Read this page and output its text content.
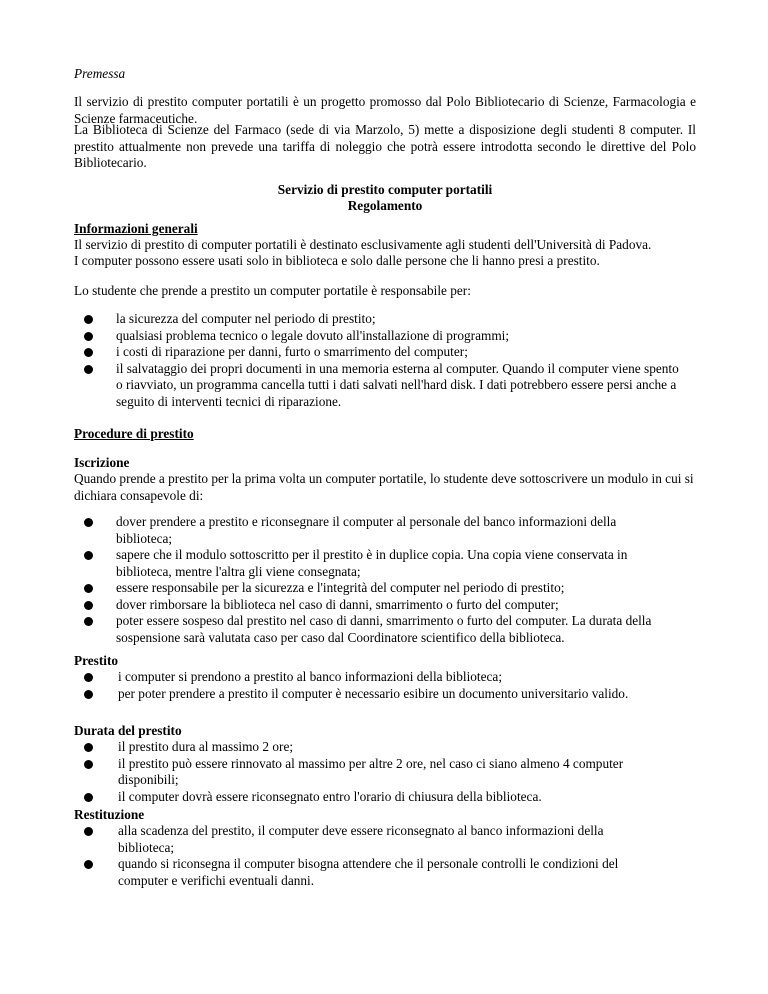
Premessa

Il servizio di prestito computer portatili è un progetto promosso dal Polo Bibliotecario di Scienze, Farmacologia e Scienze farmaceutiche.

La Biblioteca di Scienze del Farmaco (sede di via Marzolo, 5) mette a disposizione degli studenti 8 computer. Il prestito attualmente non prevede una tariffa di noleggio che potrà essere introdotta secondo le direttive del Polo Bibliotecario.

Servizio di prestito computer portatili

Regolamento

Informazioni generali

Il servizio di prestito di computer portatili è destinato esclusivamente agli studenti dell'Università di Padova.

I computer possono essere usati solo in biblioteca e solo dalle persone che li hanno presi a prestito.

Lo studente che prende a prestito un computer portatile è responsabile per:

la sicurezza del computer nel periodo di prestito;
qualsiasi problema tecnico o legale dovuto all'installazione di programmi;
i costi di riparazione per danni, furto o smarrimento del computer;
il salvataggio dei propri documenti in una memoria esterna al computer. Quando il computer viene spento o riavviato, un programma cancella tutti i dati salvati nell'hard disk. I dati potrebbero essere persi anche a seguito di interventi tecnici di riparazione.

Procedure di prestito

Iscrizione

Quando prende a prestito per la prima volta un computer portatile, lo studente deve sottoscrivere un modulo in cui si dichiara consapevole di:

dover prendere a prestito e riconsegnare il computer al personale del banco informazioni della biblioteca;
sapere che il modulo sottoscritto per il prestito è in duplice copia. Una copia viene conservata in biblioteca, mentre l'altra gli viene consegnata;
essere responsabile per la sicurezza e l'integrità del computer nel periodo di prestito;
dover rimborsare la biblioteca nel caso di danni, smarrimento o furto del computer;
poter essere sospeso dal prestito nel caso di danni, smarrimento o furto del computer. La durata della sospensione sarà valutata caso per caso dal Coordinatore scientifico della biblioteca.

Prestito

i computer si prendono a prestito al banco informazioni della biblioteca;
per poter prendere a prestito il computer è necessario esibire un documento universitario valido.

Durata del prestito

il prestito dura al massimo 2 ore;
il prestito può essere rinnovato al massimo per altre 2 ore, nel caso ci siano almeno 4 computer disponibili;
il computer dovrà essere riconsegnato entro l'orario di chiusura della biblioteca.

Restituzione

alla scadenza del prestito, il computer deve essere riconsegnato al banco informazioni della biblioteca;
quando si riconsegna il computer bisogna attendere che il personale controlli le condizioni del computer e verifichi eventuali danni.
